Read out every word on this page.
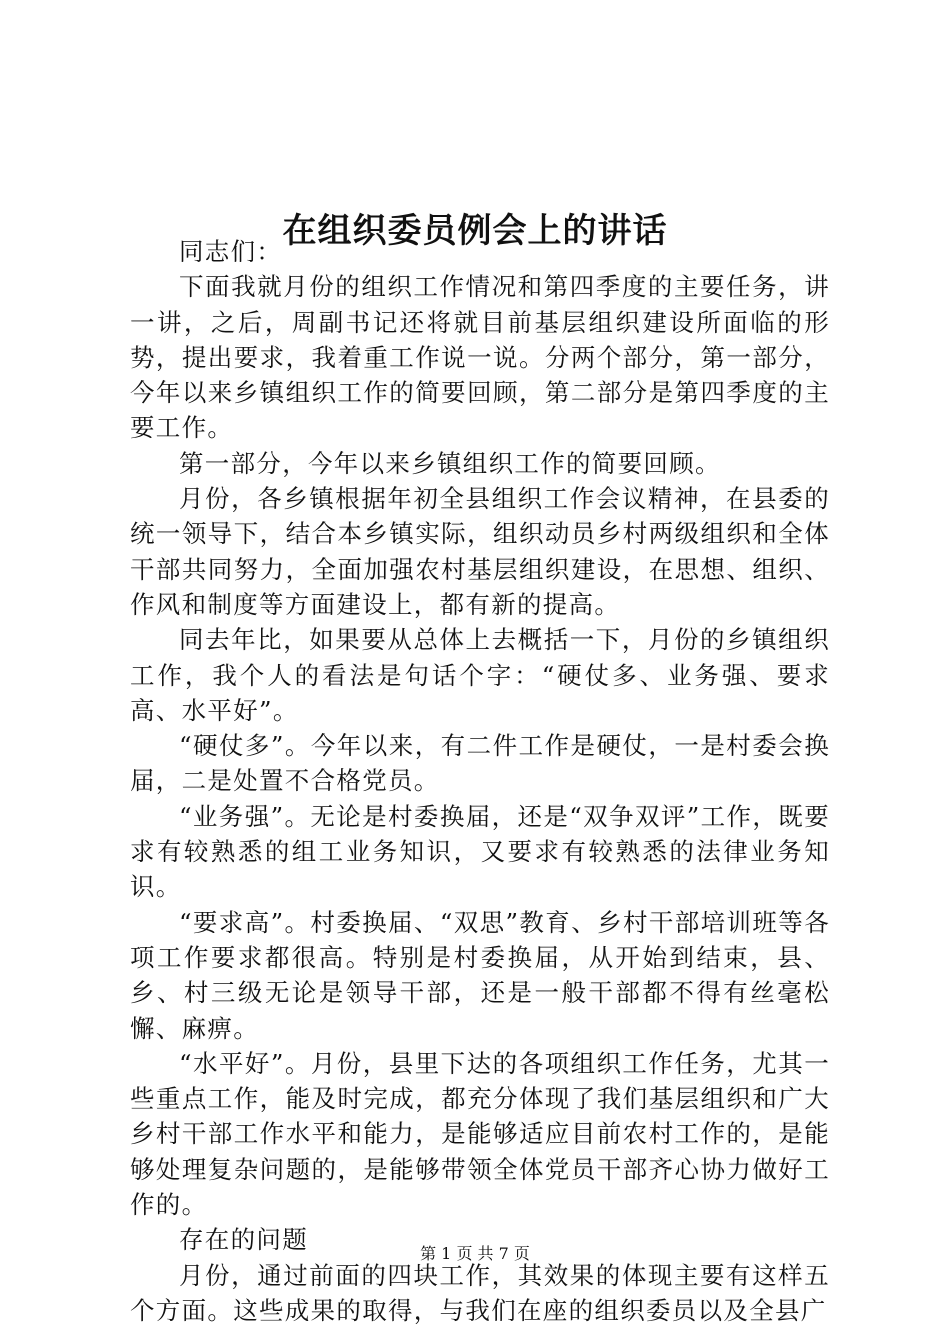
在组织委员例会上的讲话

同志们：

下面我就月份的组织工作情况和第四季度的主要任务，讲一讲，之后，周副书记还将就目前基层组织建设所面临的形势，提出要求，我着重工作说一说。分两个部分，第一部分，今年以来乡镇组织工作的简要回顾，第二部分是第四季度的主要工作。

第一部分，今年以来乡镇组织工作的简要回顾。

月份，各乡镇根据年初全县组织工作会议精神，在县委的统一领导下，结合本乡镇实际，组织动员乡村两级组织和全体干部共同努力，全面加强农村基层组织建设，在思想、组织、作风和制度等方面建设上，都有新的提高。

同去年比，如果要从总体上去概括一下，月份的乡镇组织工作，我个人的看法是句话个字：“硬仗多、业务强、要求高、水平好”。

“硬仗多”。今年以来，有二件工作是硬仗，一是村委会换届，二是处置不合格党员。

“业务强”。无论是村委换届，还是“双争双评”工作，既要求有较熟悉的组工业务知识，又要求有较熟悉的法律业务知识。

“要求高”。村委换届、“双思”教育、乡村干部培训班等各项工作要求都很高。特别是村委换届，从开始到结束，县、乡、村三级无论是领导干部，还是一般干部都不得有丝毫松懈、麻痹。

“水平好”。月份，县里下达的各项组织工作任务，尤其一些重点工作，能及时完成，都充分体现了我们基层组织和广大乡村干部工作水平和能力，是能够适应目前农村工作的，是能够处理复杂问题的，是能够带领全体党员干部齐心协力做好工作的。

存在的问题

月份，通过前面的四块工作，其效果的体现主要有这样五个方面。这些成果的取得，与我们在座的组织委员以及全县广

第 1 页 共 7 页
